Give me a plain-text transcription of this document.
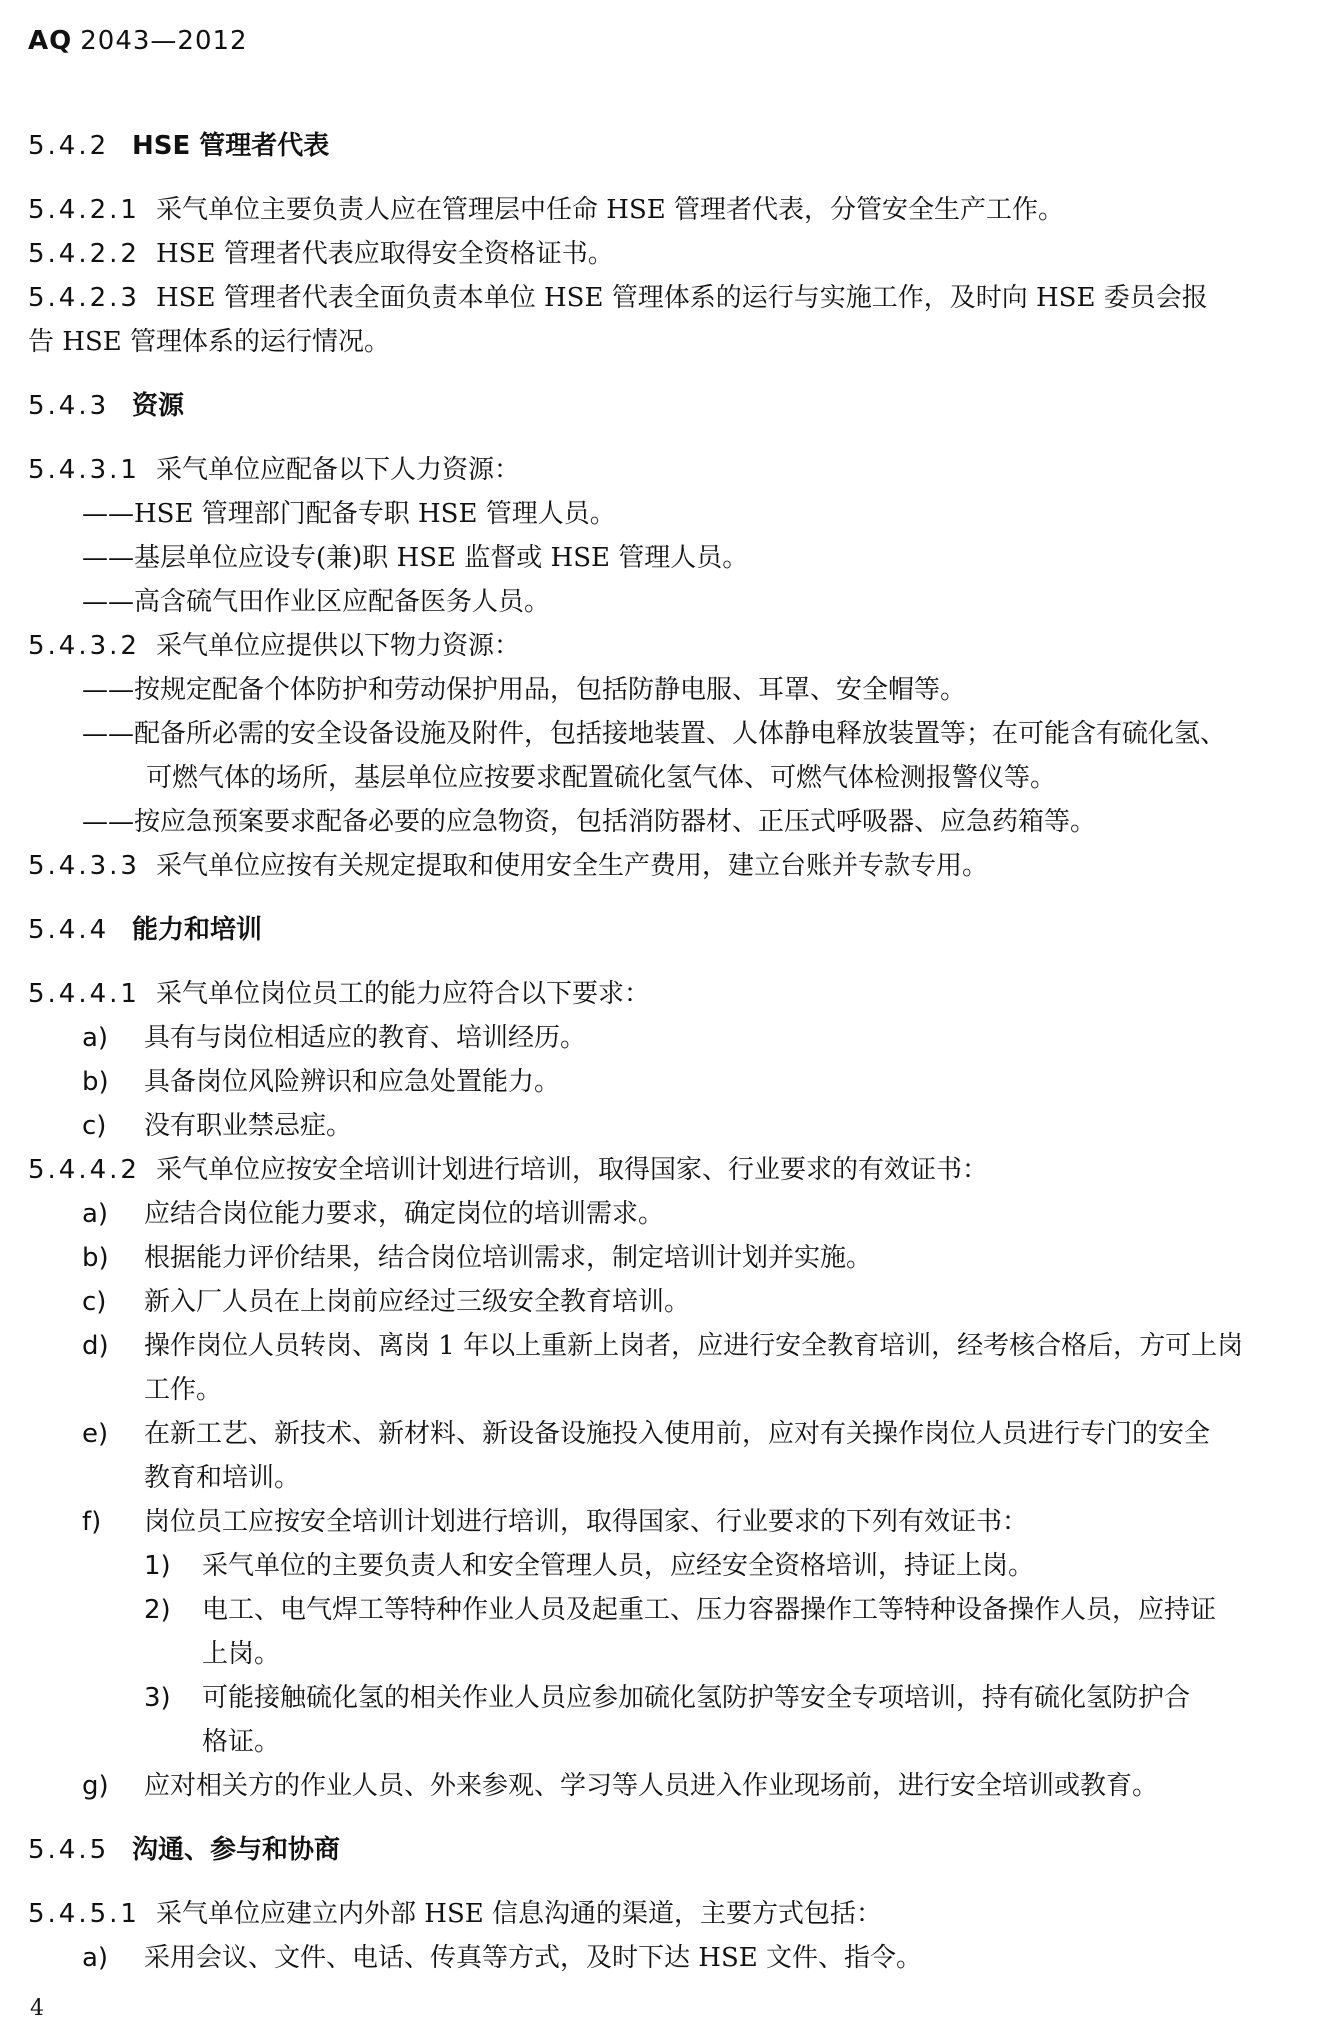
AQ 2043—2012
5.4.2 HSE 管理者代表
5.4.2.1 采气单位主要负责人应在管理层中任命 HSE 管理者代表，分管安全生产工作。
5.4.2.2 HSE 管理者代表应取得安全资格证书。
5.4.2.3 HSE 管理者代表全面负责本单位 HSE 管理体系的运行与实施工作，及时向 HSE 委员会报
告 HSE 管理体系的运行情况。
5.4.3 资源
5.4.3.1 采气单位应配备以下人力资源：
——HSE 管理部门配备专职 HSE 管理人员。
——基层单位应设专(兼)职 HSE 监督或 HSE 管理人员。
——高含硫气田作业区应配备医务人员。
5.4.3.2 采气单位应提供以下物力资源：
——按规定配备个体防护和劳动保护用品，包括防静电服、耳罩、安全帽等。
——配备所必需的安全设备设施及附件，包括接地装置、人体静电释放装置等；在可能含有硫化氢、
可燃气体的场所，基层单位应按要求配置硫化氢气体、可燃气体检测报警仪等。
——按应急预案要求配备必要的应急物资，包括消防器材、正压式呼吸器、应急药箱等。
5.4.3.3 采气单位应按有关规定提取和使用安全生产费用，建立台账并专款专用。
5.4.4 能力和培训
5.4.4.1 采气单位岗位员工的能力应符合以下要求：
a) 具有与岗位相适应的教育、培训经历。
b) 具备岗位风险辨识和应急处置能力。
c) 没有职业禁忌症。
5.4.4.2 采气单位应按安全培训计划进行培训，取得国家、行业要求的有效证书：
a) 应结合岗位能力要求，确定岗位的培训需求。
b) 根据能力评价结果，结合岗位培训需求，制定培训计划并实施。
c) 新入厂人员在上岗前应经过三级安全教育培训。
d) 操作岗位人员转岗、离岗 1 年以上重新上岗者，应进行安全教育培训，经考核合格后，方可上岗
工作。
e) 在新工艺、新技术、新材料、新设备设施投入使用前，应对有关操作岗位人员进行专门的安全
教育和培训。
f) 岗位员工应按安全培训计划进行培训，取得国家、行业要求的下列有效证书：
1) 采气单位的主要负责人和安全管理人员，应经安全资格培训，持证上岗。
2) 电工、电气焊工等特种作业人员及起重工、压力容器操作工等特种设备操作人员，应持证
上岗。
3) 可能接触硫化氢的相关作业人员应参加硫化氢防护等安全专项培训，持有硫化氢防护合
格证。
g) 应对相关方的作业人员、外来参观、学习等人员进入作业现场前，进行安全培训或教育。
5.4.5 沟通、参与和协商
5.4.5.1 采气单位应建立内外部 HSE 信息沟通的渠道，主要方式包括：
a) 采用会议、文件、电话、传真等方式，及时下达 HSE 文件、指令。
4
